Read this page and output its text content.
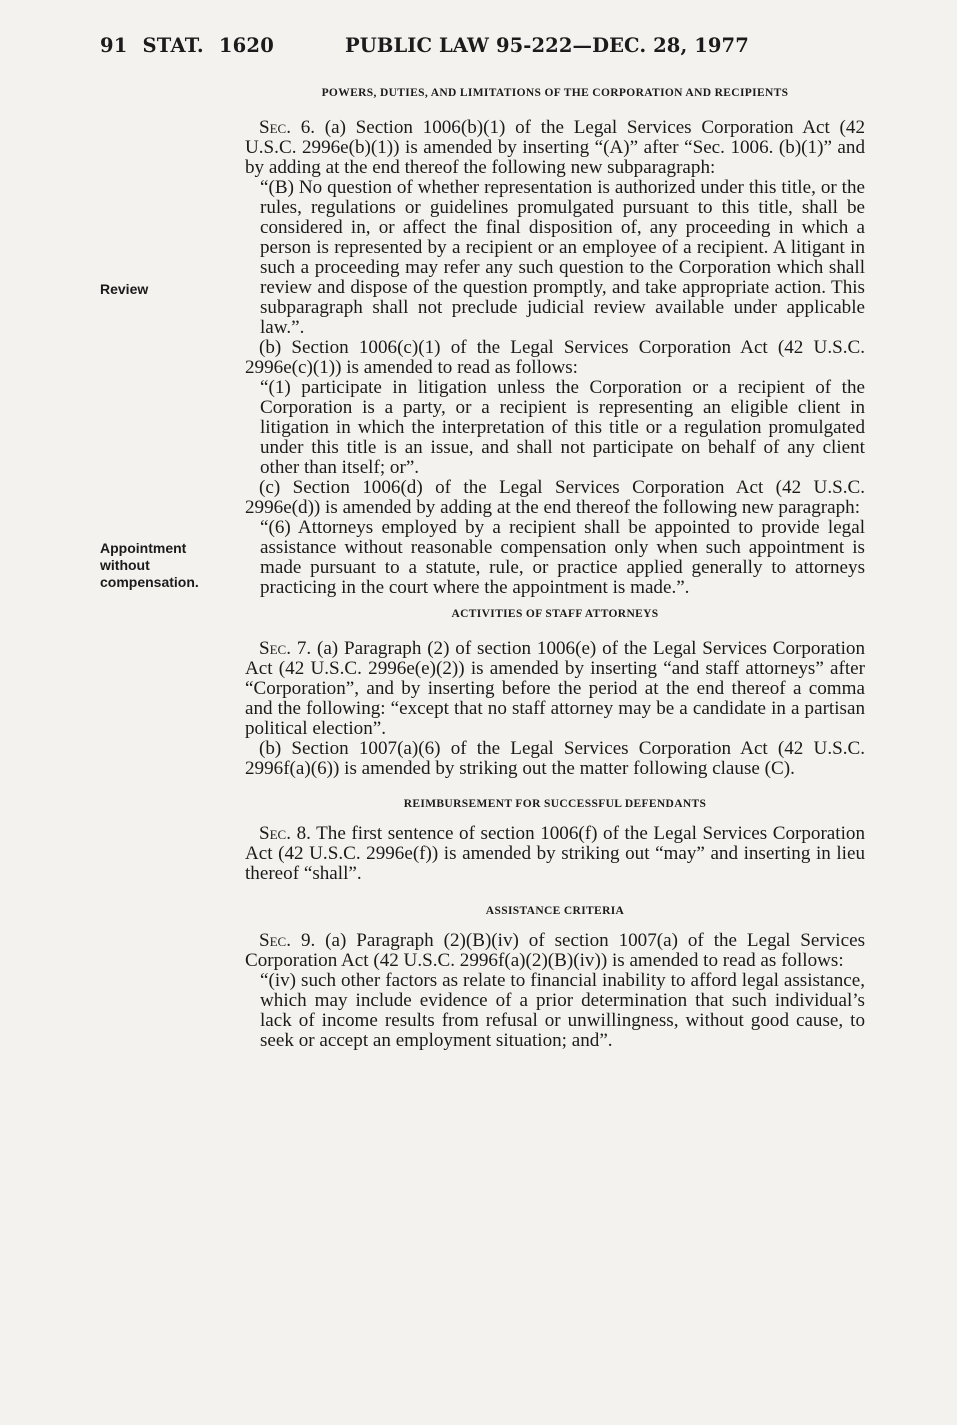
91 STAT. 1620	PUBLIC LAW 95-222—DEC. 28, 1977
Review
Appointment
without
compensation.

POWERS, DUTIES, AND LIMITATIONS OF THE CORPORATION AND RECIPIENTS

Sec. 6. (a) Section 1006(b)(1) of the Legal Services Corporation Act (42 U.S.C. 2996e(b)(1)) is amended by inserting “(A)” after “Sec. 1006. (b)(1)” and by adding at the end thereof the following new subparagraph:

“(B) No question of whether representation is authorized under this title, or the rules, regulations or guidelines promulgated pursuant to this title, shall be considered in, or affect the final disposition of, any proceeding in which a person is represented by a recipient or an employee of a recipient. A litigant in such a proceeding may refer any such question to the Corporation which shall review and dispose of the question promptly, and take appropriate action. This subparagraph shall not preclude judicial review available under applicable law.”.

(b) Section 1006(c)(1) of the Legal Services Corporation Act (42 U.S.C. 2996e(c)(1)) is amended to read as follows:

“(1) participate in litigation unless the Corporation or a recipient of the Corporation is a party, or a recipient is representing an eligible client in litigation in which the interpretation of this title or a regulation promulgated under this title is an issue, and shall not participate on behalf of any client other than itself; or”.

(c) Section 1006(d) of the Legal Services Corporation Act (42 U.S.C. 2996e(d)) is amended by adding at the end thereof the following new paragraph:

“(6) Attorneys employed by a recipient shall be appointed to provide legal assistance without reasonable compensation only when such appointment is made pursuant to a statute, rule, or practice applied generally to attorneys practicing in the court where the appointment is made.”.

ACTIVITIES OF STAFF ATTORNEYS

Sec. 7. (a) Paragraph (2) of section 1006(e) of the Legal Services Corporation Act (42 U.S.C. 2996e(e)(2)) is amended by inserting “and staff attorneys” after “Corporation”, and by inserting before the period at the end thereof a comma and the following: “except that no staff attorney may be a candidate in a partisan political election”.

(b) Section 1007(a)(6) of the Legal Services Corporation Act (42 U.S.C. 2996f(a)(6)) is amended by striking out the matter following clause (C).

REIMBURSEMENT FOR SUCCESSFUL DEFENDANTS

Sec. 8. The first sentence of section 1006(f) of the Legal Services Corporation Act (42 U.S.C. 2996e(f)) is amended by striking out “may” and inserting in lieu thereof “shall”.

ASSISTANCE CRITERIA

Sec. 9. (a) Paragraph (2)(B)(iv) of section 1007(a) of the Legal Services Corporation Act (42 U.S.C. 2996f(a)(2)(B)(iv)) is amended to read as follows:

“(iv) such other factors as relate to financial inability to afford legal assistance, which may include evidence of a prior determination that such individual’s lack of income results from refusal or unwillingness, without good cause, to seek or accept an employment situation; and”.
